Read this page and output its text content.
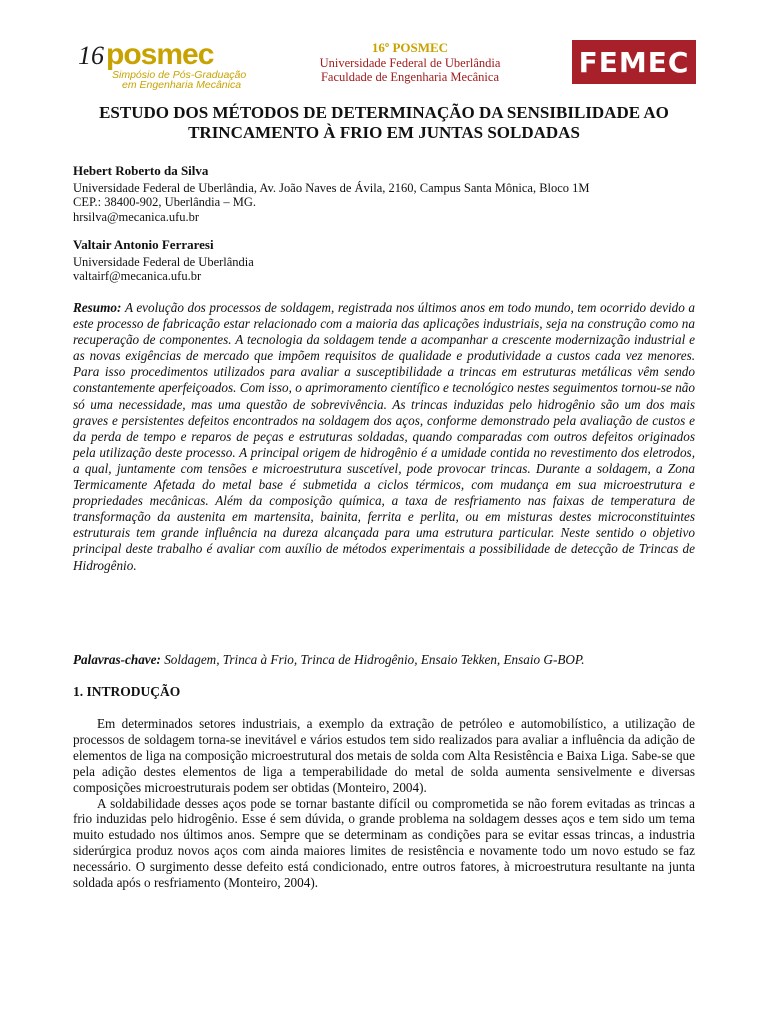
16 posmec
Simpósio de Pós-Graduação
em Engenharia Mecânica
16º POSMEC
Universidade Federal de Uberlândia
Faculdade de Engenharia Mecânica	FEMEC
ESTUDO DOS MÉTODOS DE DETERMINAÇÃO DA SENSIBILIDADE AO TRINCAMENTO À FRIO EM JUNTAS SOLDADAS
Hebert Roberto da Silva
Universidade Federal de Uberlândia, Av. João Naves de Ávila, 2160, Campus Santa Mônica, Bloco 1M
CEP.: 38400-902, Uberlândia – MG.
hrsilva@mecanica.ufu.br
Valtair Antonio Ferraresi
Universidade Federal de Uberlândia
valtairf@mecanica.ufu.br
Resumo: A evolução dos processos de soldagem, registrada nos últimos anos em todo mundo, tem ocorrido devido a este processo de fabricação estar relacionado com a maioria das aplicações industriais, seja na construção como na recuperação de componentes. A tecnologia da soldagem tende a acompanhar a crescente modernização industrial e as novas exigências de mercado que impõem requisitos de qualidade e produtividade a custos cada vez menores. Para isso procedimentos utilizados para avaliar a susceptibilidade a trincas em estruturas metálicas vêm sendo constantemente aperfeiçoados. Com isso, o aprimoramento científico e tecnológico nestes seguimentos tornou-se não só uma necessidade, mas uma questão de sobrevivência. As trincas induzidas pelo hidrogênio são um dos mais graves e persistentes defeitos encontrados na soldagem dos aços, conforme demonstrado pela avaliação de custos e da perda de tempo e reparos de peças e estruturas soldadas, quando comparadas com outros defeitos originados pela utilização deste processo. A principal origem de hidrogênio é a umidade contida no revestimento dos eletrodos, a qual, juntamente com tensões e microestrutura suscetível, pode provocar trincas. Durante a soldagem, a Zona Termicamente Afetada do metal base é submetida a ciclos térmicos, com mudança em sua microestrutura e propriedades mecânicas. Além da composição química, a taxa de resfriamento nas faixas de temperatura de transformação da austenita em martensita, bainita, ferrita e perlita, ou em misturas destes microconstituintes estruturais tem grande influência na dureza alcançada para uma estrutura particular. Neste sentido o objetivo principal deste trabalho é avaliar com auxílio de métodos experimentais a possibilidade de detecção de Trincas de Hidrogênio.
Palavras-chave: Soldagem, Trinca à Frio, Trinca de Hidrogênio, Ensaio Tekken, Ensaio G-BOP.
1. INTRODUÇÃO

Em determinados setores industriais, a exemplo da extração de petróleo e automobilístico, a utilização de processos de soldagem torna-se inevitável e vários estudos tem sido realizados para avaliar a influência da adição de elementos de liga na composição microestrutural dos metais de solda com Alta Resistência e Baixa Liga. Sabe-se que pela adição destes elementos de liga a temperabilidade do metal de solda aumenta sensivelmente e diversas composições microestruturais podem ser obtidas (Monteiro, 2004).

A soldabilidade desses aços pode se tornar bastante difícil ou comprometida se não forem evitadas as trincas a frio induzidas pelo hidrogênio. Esse é sem dúvida, o grande problema na soldagem desses aços e tem sido um tema muito estudado nos últimos anos. Sempre que se determinam as condições para se evitar essas trincas, a industria siderúrgica produz novos aços com ainda maiores limites de resistência e novamente todo um novo estudo se faz necessário. O surgimento desse defeito está condicionado, entre outros fatores, à microestrutura resultante na junta soldada após o resfriamento (Monteiro, 2004).
